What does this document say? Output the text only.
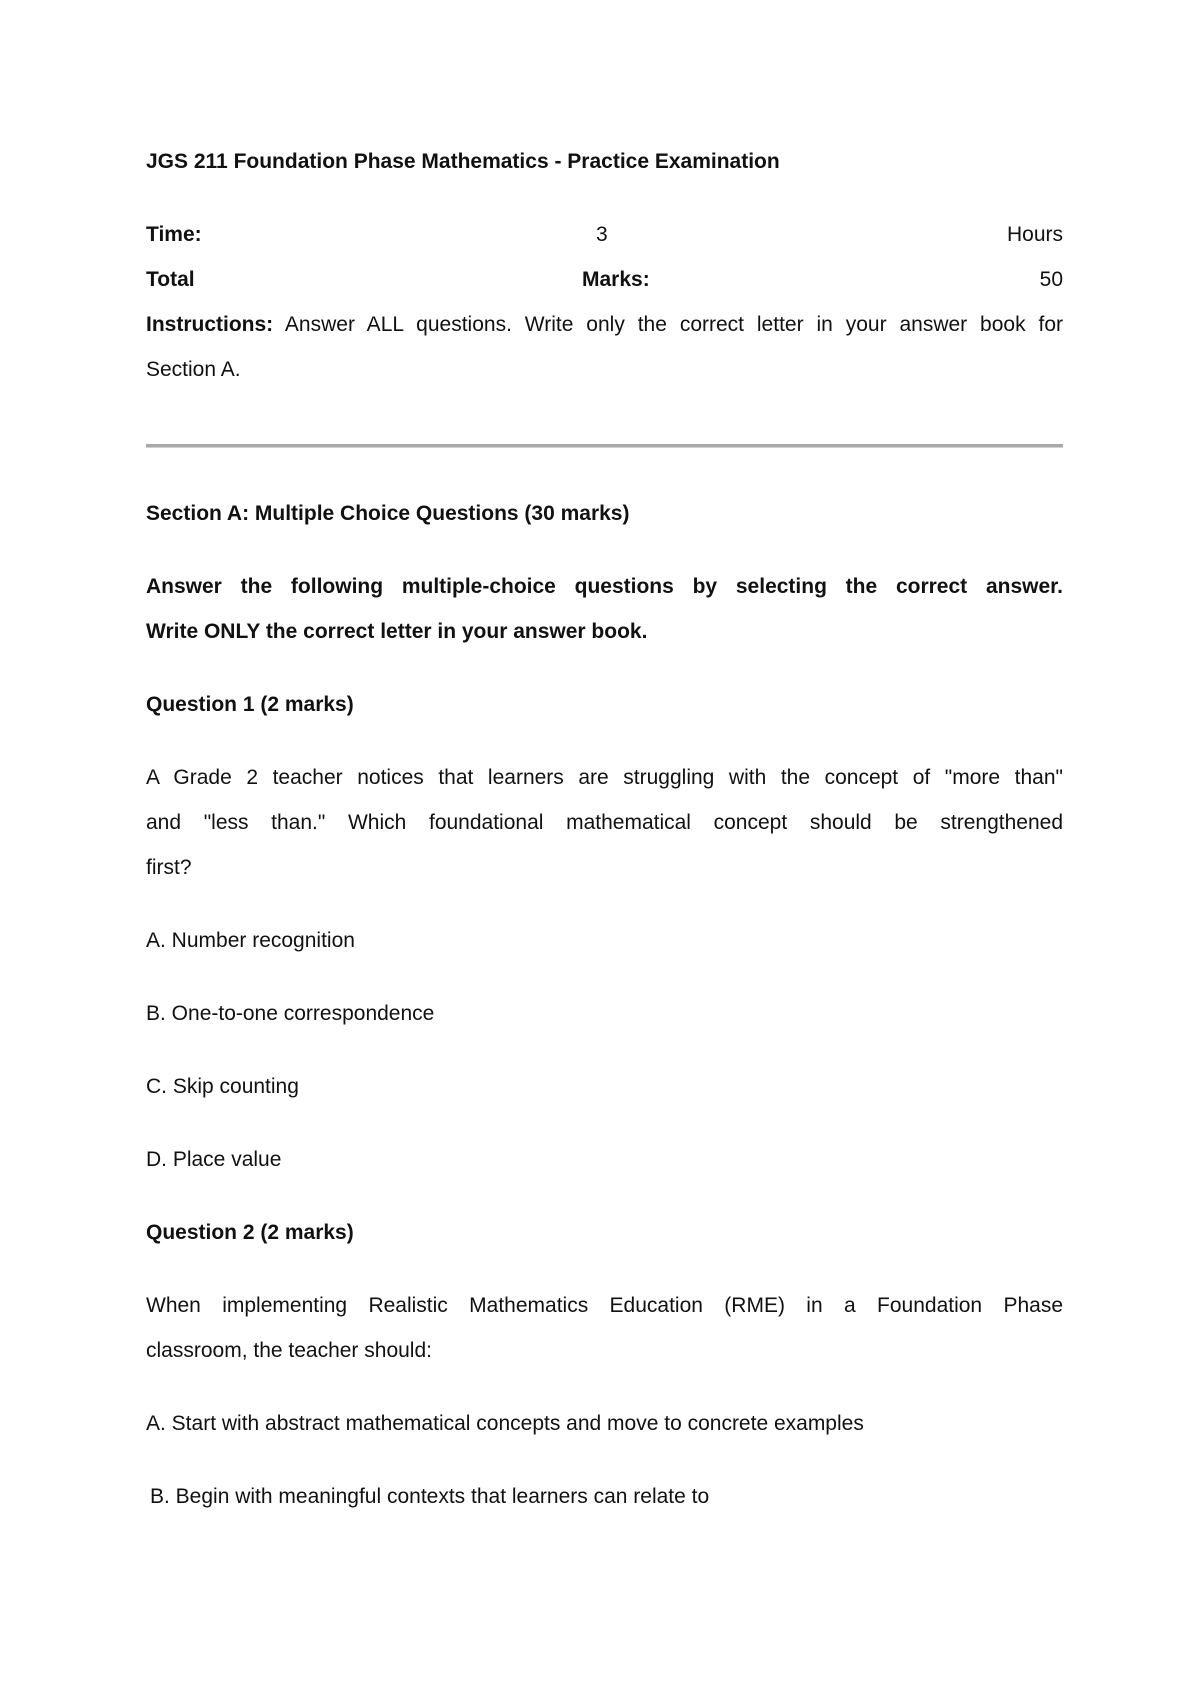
JGS 211 Foundation Phase Mathematics - Practice Examination
Time:	3	Hours
Total	Marks:	50
Instructions: Answer ALL questions. Write only the correct letter in your answer book for
Section A.
Section A: Multiple Choice Questions (30 marks)
Answer the following multiple-choice questions by selecting the correct answer.
Write ONLY the correct letter in your answer book.
Question 1 (2 marks)
A Grade 2 teacher notices that learners are struggling with the concept of "more than"
and "less than." Which foundational mathematical concept should be strengthened
first?
A. Number recognition
B. One-to-one correspondence
C. Skip counting
D. Place value
Question 2 (2 marks)
When implementing Realistic Mathematics Education (RME) in a Foundation Phase
classroom, the teacher should:
A. Start with abstract mathematical concepts and move to concrete examples
B. Begin with meaningful contexts that learners can relate to
